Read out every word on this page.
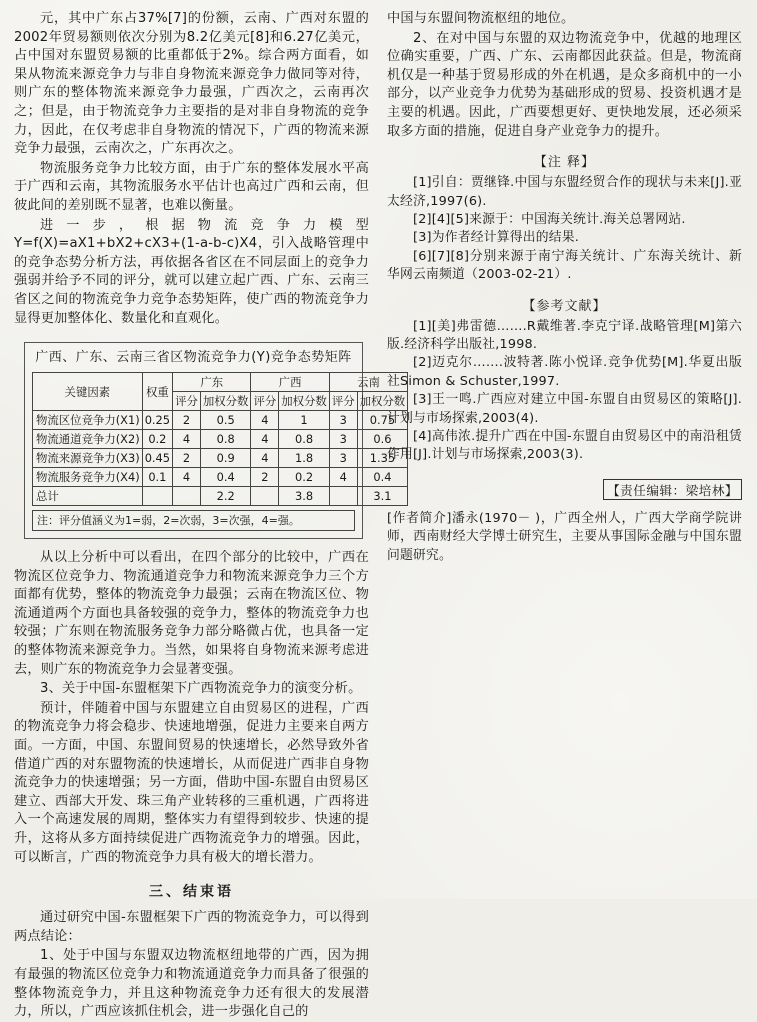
元，其中广东占37%[7]的份额，云南、广西对东盟的2002年贸易额则依次分别为8.2亿美元[8]和6.27亿美元，占中国对东盟贸易额的比重都低于2%。综合两方面看，如果从物流来源竞争力与非自身物流来源竞争力做同等对待，则广东的整体物流来源竞争力最强，广西次之，云南再次之；但是，由于物流竞争力主要指的是对非自身物流的竞争力，因此，在仅考虑非自身物流的情况下，广西的物流来源竞争力最强，云南次之，广东再次之。

物流服务竞争力比较方面，由于广东的整体发展水平高于广西和云南，其物流服务水平估计也高过广西和云南，但彼此间的差别既不显著，也难以衡量。

进一步，根据物流竞争力模型Y=f(X)=aX1+bX2+cX3+(1-a-b-c)X4，引入战略管理中的竞争态势分析方法，再依据各省区在不同层面上的竞争力强弱并给予不同的评分，就可以建立起广西、广东、云南三省区之间的物流竞争力竞争态势矩阵，使广西的物流竞争力显得更加整体化、数量化和直观化。

广西、广东、云南三省区物流竞争力(Y)竞争态势矩阵
关键因素	权重	广东		广西		云南	
		评分	加权分数	评分	加权分数	评分	加权分数
物流区位竞争力(X1)	0.25	2	0.5	4	1	3	0.75
物流通道竞争力(X2)	0.2	4	0.8	4	0.8	3	0.6
物流来源竞争力(X3)	0.45	2	0.9	4	1.8	3	1.35
物流服务竞争力(X4)	0.1	4	0.4	2	0.2	4	0.4
总计			2.2		3.8		3.1
注：评分值涵义为1=弱，2=次弱，3=次强，4=强。

从以上分析中可以看出，在四个部分的比较中，广西在物流区位竞争力、物流通道竞争力和物流来源竞争力三个方面都有优势，整体的物流竞争力最强；云南在物流区位、物流通道两个方面也具备较强的竞争力，整体的物流竞争力也较强；广东则在物流服务竞争力部分略微占优，也具备一定的整体物流来源竞争力。当然，如果将自身物流来源考虑进去，则广东的物流竞争力会显著变强。

3、关于中国-东盟框架下广西物流竞争力的演变分析。

预计，伴随着中国与东盟建立自由贸易区的进程，广西的物流竞争力将会稳步、快速地增强，促进力主要来自两方面。一方面，中国、东盟间贸易的快速增长，必然导致外省借道广西的对东盟物流的快速增长，从而促进广西非自身物流竞争力的快速增强；另一方面，借助中国-东盟自由贸易区建立、西部大开发、珠三角产业转移的三重机遇，广西将进入一个高速发展的周期，整体实力有望得到较步、快速的提升，这将从多方面持续促进广西物流竞争力的增强。因此，可以断言，广西的物流竞争力具有极大的增长潜力。

三、结束语

通过研究中国-东盟框架下广西的物流竞争力，可以得到两点结论：

1、处于中国与东盟双边物流枢纽地带的广西，因为拥有最强的物流区位竞争力和物流通道竞争力而具备了很强的整体物流竞争力，并且这种物流竞争力还有很大的发展潜力，所以，广西应该抓住机会，进一步强化自己的

中国与东盟间物流枢纽的地位。

2、在对中国与东盟的双边物流竞争中，优越的地理区位确实重要，广西、广东、云南都因此获益。但是，物流商机仅是一种基于贸易形成的外在机遇，是众多商机中的一小部分，以产业竞争力优势为基础形成的贸易、投资机遇才是主要的机遇。因此，广西要想更好、更快地发展，还必须采取多方面的措施，促进自身产业竞争力的提升。

【注 释】

[1]引自：贾继锋.中国与东盟经贸合作的现状与未来[J].亚太经济,1997(6).

[2][4][5]来源于：中国海关统计.海关总署网站.

[3]为作者经计算得出的结果.

[6][7][8]分别来源于南宁海关统计、广东海关统计、新华网云南频道（2003-02-21）.

【参考文献】

[1][美]弗雷德…….R戴维著.李克宁译.战略管理[M]第六版.经济科学出版社,1998.

[2]迈克尔…….波特著.陈小悦译.竞争优势[M].华夏出版社Simon & Schuster,1997.

[3]王一鸣.广西应对建立中国-东盟自由贸易区的策略[J].计划与市场探索,2003(4).

[4]高伟浓.提升广西在中国-东盟自由贸易区中的南沿租赁作用[J].计划与市场探索,2003(3).

【责任编辑：梁培林】

[作者简介]潘永(1970－ )，广西全州人，广西大学商学院讲师，西南财经大学博士研究生，主要从事国际金融与中国东盟问题研究。
